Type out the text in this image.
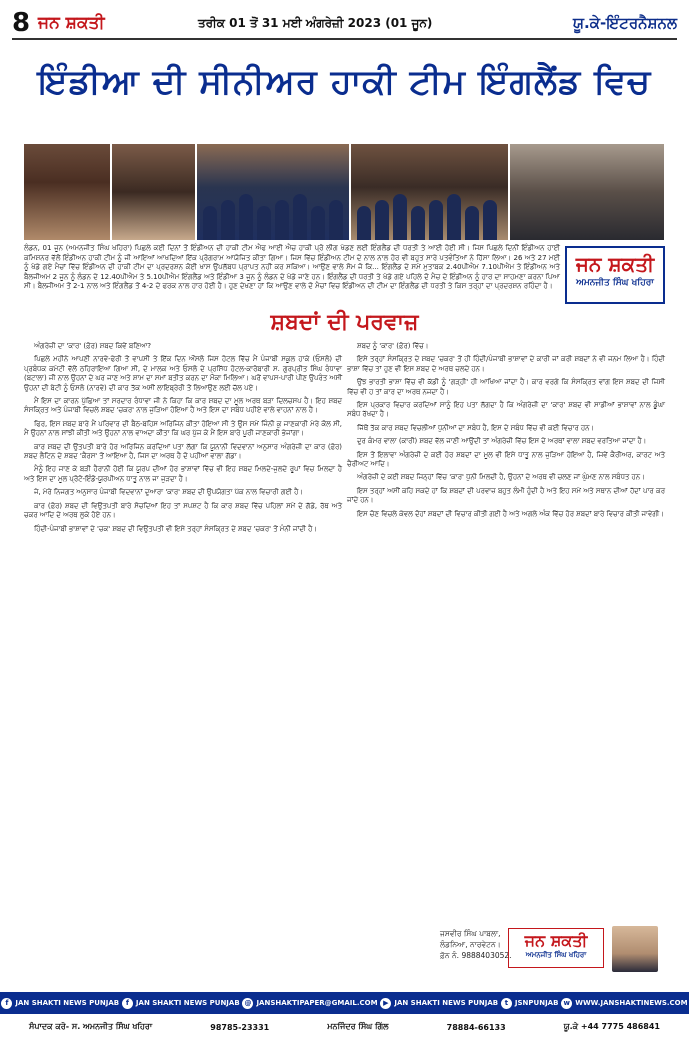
8 ਜਨ ਸ਼ਕਤੀ	ਤਰੀਕ 01 ਤੋਂ 31 ਮਈ ਅੰਗਰੇਜ਼ੀ 2023 (01 ਜੂਨ)	ਯੂ.ਕੇ-ਇੰਟਰਨੈਸ਼ਨਲ
ਇੰਡੀਆ ਦੀ ਸੀਨੀਅਰ ਹਾਕੀ ਟੀਮ ਇੰਗਲੈਂਡ ਵਿਚ
ਲੰਡਨ, 01 ਜੂਨ (ਅਮਨਜੀਤ ਸਿੰਘ ਖਹਿਰਾ) ਪਿਛਲੇ ਕਈ ਦਿਨਾਂ ਤੋਂ ਇੰਡੀਅਨ ਦੀ ਹਾਕੀ ਟੀਮ ਐਫ ਆਈ ਐਚ ਹਾਕੀ ਪ੍ਰੋ ਲੀਗ ਖੇਡਣ ਲਈ ਇੰਗਲੈਂਡ ਦੀ ਧਰਤੀ ਤੇ ਆਈ ਹੋਈ ਸੀ। ਜਿਸ ਪਿਛਲੇ ਦਿਨੀਂ ਇੰਡੀਅਨ ਹਾਈ ਕਮਿਸ਼ਨਰ ਵੱਲੋਂ ਇੰਡੀਅਨ ਹਾਕੀ ਟੀਮ ਨੂੰ ਜੀ ਆਇਆਂ ਆਖਦਿਆਂ ਇੱਕ ਪ੍ਰੋਗਰਾਮ ਆਯੋਜਿਤ ਕੀਤਾ ਗਿਆ। ਜਿਸ ਵਿੱਚ ਇੰਡੀਅਨ ਟੀਮ ਦੇ ਨਾਲ ਨਾਲ ਹੋਰ ਵੀ ਬਹੁਤ ਸਾਰੇ ਪਤਵੰਤਿਆਂ ਨੇ ਹਿੱਸਾ ਲਿਆ। 26 ਅਤੇ 27 ਮਈ ਨੂੰ ਖੇਡੇ ਗਏ ਮੈਚਾਂ ਵਿੱਚ ਇੰਡੀਅਨ ਦੀ ਹਾਕੀ ਟੀਮ ਦਾ ਪ੍ਰਦਰਸ਼ਨ ਕੋਈ ਖਾਸ ਉਪਲੱਬਧ ਪ੍ਰਾਪਤ ਨਹੀਂ ਕਰ ਸਕਿਆ। ਆਉਣ ਵਾਲੇ ਸੋਮ ਜੋ ਕਿ... ਇੰਗਲੈਂਡ ਦੇ ਸਮੇਂ ਮੁਤਾਬਕ 2.40ਪੀਐਮ 7.10ਪੀਐਮ ਤੇ ਇੰਡੀਅਨ ਅਤੇ ਬੈਲਜੀਅਮ 2 ਜੂਨ ਨੂੰ ਲੰਡਨ ਦੇ 12.40ਪੀਐਮ ਤੇ 5.10ਪੀਐਮ ਇੰਗਲੈਂਡ ਅਤੇ ਇੰਡੀਆ 3 ਜੂਨ ਨੂੰ ਲੰਡਨ ਦੇ ਖੇਡੇ ਜਾਣੇ ਹਨ। ਇੰਗਲੈਂਡ ਦੀ ਧਰਤੀ ਤੇ ਖੇਡੇ ਗਏ ਪਹਿਲੇ ਦੋ ਮੈਚ ਦੇ ਇੰਡੀਅਨ ਨੂੰ ਹਾਰ ਦਾ ਸਾਹਮਣਾ ਕਰਨਾ ਪਿਆ ਸੀ। ਬੈਲਜੀਅਮ ਤੋਂ 2-1 ਨਾਲ ਅਤੇ ਇੰਗਲੈਂਡ ਤੋਂ 4-2 ਦੇ ਫਰਕ ਨਾਲ ਹਾਰ ਹੋਈ ਹੈ। ਹੁਣ ਦੇਖਣਾ ਹਾਂ ਕਿ ਆਉਣ ਵਾਲੇ ਦੋ ਮੈਚਾਂ ਵਿਚ ਇੰਡੀਅਨ ਦੀ ਟੀਮ ਦਾ ਇੰਗਲੈਂਡ ਦੀ ਧਰਤੀ ਤੇ ਕਿਸ ਤਰ੍ਹਾਂ ਦਾ ਪ੍ਰਦਰਸ਼ਨ ਰਹਿੰਦਾ ਹੈ।
ਜਨ ਸ਼ਕਤੀ
ਅਮਨਜੀਤ ਸਿੰਘ ਖਹਿਰਾ
ਸ਼ਬਦਾਂ ਦੀ ਪਰਵਾਜ਼

ਅੰਗਰੇਜ਼ੀ ਦਾ 'ਕਾਰ' (ਫ਼ੋਰ) ਸ਼ਬਦ ਕਿਵੇਂ ਬਣਿਆ?

ਪਿਛਲੇ ਮਹੀਨੇ ਆਪਣੀ ਨਾਰਵੇ-ਫੇਰੀ ਤੋਂ ਵਾਪਸੀ ਤੇ ਇੱਕ ਦਿਨ ਔਸਲੋ ਜਿਸ ਹੋਟਲ ਵਿੱਚ ਮੈਂ ਪੰਜਾਬੀ ਸਕੂਲ ਹਾਕੇ (ਓਸਲੋ) ਦੀ ਪ੍ਰਬੰਧਕ ਕਮੇਟੀ ਵੱਲੋਂ ਠਹਿਰਾਇਆ ਗਿਆ ਸੀ, ਦੇ ਮਾਲਕ ਅਤੇ ਓਸਲੋ ਦੇ ਪ੍ਰਸਿੱਧ ਹੋਟਲ-ਕਾਰੋਬਾਰੀ ਸ. ਗੁਰਪ੍ਰੀਤ ਸਿੰਘ ਰੰਧਾਵਾ (ਬਟਾਲਾ) ਜੀ ਨਾਲ ਉਹਨਾਂ ਦੇ ਘਰ ਜਾਣ ਅਤੇ ਸ਼ਾਮ ਦਾ ਸਮਾਂ ਬਤੀਤ ਕਰਨ ਦਾ ਮੌਕਾ ਮਿਲਿਆ। ਘਰੋਂ ਵਾਪਸ-ਪਾਰੀ ਪੀਣ ਉਪਰੰਤ ਅਸੀਂ ਉਹਨਾਂ ਦੀ ਬੇਟੀ ਨੂੰ ਓਸਲੋ (ਨਾਰਵੇ) ਦੀ ਕਾਰ ਤੱਕ ਅਸੀਂ ਲਾਇਬ੍ਰੇਰੀ ਤੋਂ ਲਿਆਉਣ ਲਈ ਚੱਲ ਪਏ।

ਮੈਂ ਇਸ ਦਾ ਕਾਰਨ ਪੁੱਛਿਆ ਤਾਂ ਸਰਦਾਰ ਰੰਧਾਵਾ ਜੀ ਨੇ ਕਿਹਾ ਕਿ ਕਾਰ ਸ਼ਬਦ ਦਾ ਮੂਲ ਅਰਥ ਬੜਾ ਦਿਲਚਸਪ ਹੈ। ਇਹ ਸ਼ਬਦ ਸੰਸਕ੍ਰਿਤ ਅਤੇ ਪੰਜਾਬੀ ਵਿਚਲੇ ਸ਼ਬਦ 'ਚਕਰ' ਨਾਲ ਜੁੜਿਆ ਹੋਇਆ ਹੈ ਅਤੇ ਇਸ ਦਾ ਸਬੰਧ ਪਹੀਏ ਵਾਲੇ ਵਾਹਨਾਂ ਨਾਲ ਹੈ।

ਫਿਰ, ਇਸ ਸ਼ਬਦ ਬਾਰੇ ਮੈਂ ਪਰਿਵਾਰ ਦੀ ਬੈਠ-ਬਹਿਸ ਅਰਿਜਿਨ ਕੀਤਾ ਹੋਇਆ ਸੀ ਤੇ ਉਸ ਸਮੇਂ ਜਿੰਨੀ ਕੁ ਜਾਣਕਾਰੀ ਮੇਰੇ ਕੋਲ ਸੀ, ਮੈਂ ਉਹਨਾਂ ਨਾਲ ਸਾਂਝੀ ਕੀਤੀ ਅਤੇ ਉਹਨਾਂ ਨਾਲ ਵਾਅਦਾ ਕੀਤਾ ਕਿ ਘਰ ਪੁੱਜ ਕੇ ਮੈਂ ਇਸ ਬਾਰੇ ਪੂਰੀ ਜਾਣਕਾਰੀ ਭੇਜਾਂਗਾ।

ਕਾਰ ਸ਼ਬਦ ਦੀ ਉਤਪਤੀ ਬਾਰੇ ਹੋਰ ਅਰਿਜਿਨ ਕਰਦਿਆਂ ਪਤਾ ਲੱਗਾ ਕਿ ਯੂਨਾਨੀ ਵਿਦਵਾਨਾਂ ਅਨੁਸਾਰ ਅੰਗਰੇਜ਼ੀ ਦਾ ਕਾਰ (ਫ਼ੋਰ) ਸ਼ਬਦ ਲੈਟਿਨ ਦੇ ਸ਼ਬਦ 'ਕੈਰਸ' ਤੋਂ ਆਇਆ ਹੈ, ਜਿਸ ਦਾ ਅਰਥ ਹੈ ਦੋ ਪਹੀਆਂ ਵਾਲਾ ਗੱਡਾ।

ਮੈਨੂੰ ਇਹ ਜਾਣ ਕੇ ਬੜੀ ਹੈਰਾਨੀ ਹੋਈ ਕਿ ਯੂਰਪ ਦੀਆਂ ਹੋਰ ਭਾਸ਼ਾਵਾਂ ਵਿੱਚ ਵੀ ਇਹ ਸ਼ਬਦ ਮਿਲਦੇ-ਜੁਲਦੇ ਰੂਪਾਂ ਵਿਚ ਮਿਲਦਾ ਹੈ ਅਤੇ ਇਸ ਦਾ ਮੂਲ ਪ੍ਰੋਟੋ-ਇੰਡੋ-ਯੂਰਪੀਅਨ ਧਾਤੂ ਨਾਲ ਜਾ ਜੁੜਦਾ ਹੈ।

ਜੇ, ਮੇਰੇ ਨਿਜਗਤ ਅਨੁਸਾਰ ਪੰਜਾਬੀ ਵਿਦਵਾਨਾਂ ਦੁਆਰਾ 'ਕਾਰ' ਸ਼ਬਦ ਦੀ ਉਪਯੋਗਤਾ ਪੱਕ ਨਾਲ ਵਿਚਾਰੀ ਗਈ ਹੈ।

ਕਾਰ (ਫ਼ੋਰ) ਸ਼ਬਦ ਦੀ ਵਿਉਤਪਤੀ ਬਾਰੇ ਸੋਚਦਿਆਂ ਇਹ ਤਾਂ ਸਪਸ਼ਟ ਹੈ ਕਿ ਕਾਰ ਸ਼ਬਦ ਵਿੱਚ ਪਹਿਲਾਂ ਸਮੇਂ ਦੇ ਗੱਡੇ, ਰੱਥ ਅਤੇ ਚਕਰ ਆਦਿ ਦੇ ਅਰਥ ਲੁਕੇ ਹੋਏ ਹਨ।

ਹਿੰਦੀ-ਪੰਜਾਬੀ ਭਾਸ਼ਾਵਾਂ ਦੇ 'ਚਕ' ਸ਼ਬਦ ਦੀ ਵਿਉਤਪਤੀ ਵੀ ਇਸੇ ਤਰ੍ਹਾਂ ਸੰਸਕ੍ਰਿਤ ਦੇ ਸ਼ਬਦ 'ਚਕਰ' ਤੋਂ ਮੰਨੀ ਜਾਂਦੀ ਹੈ।

ਸ਼ਬਦ ਨੂੰ 'ਕਾਰ' (ਫ਼ੋਰ) ਵਿੱਚ।

ਇਸੇ ਤਰ੍ਹਾਂ ਸੰਸਕ੍ਰਿਤ ਦੇ ਸ਼ਬਦ 'ਚਕਰ' ਤੋਂ ਹੀ ਹਿੰਦੀ/ਪੰਜਾਬੀ ਭਾਸ਼ਾਵਾਂ ਦੇ ਕਾਰੀ ਜਾਂ ਕਰੀ ਸ਼ਬਦਾਂ ਨੇ ਵੀ ਜਨਮ ਲਿਆ ਹੈ। ਹਿੰਦੀ ਭਾਸ਼ਾ ਵਿੱਚ ਤਾਂ ਹੁਣ ਵੀ ਇਸ ਸ਼ਬਦ ਦੇ ਅਰਥ ਚਲਦੇ ਹਨ।

ਉਂਝ ਭਾਰਤੀ ਭਾਸ਼ਾ ਵਿੱਚ ਵੀ ਕੱਡੀ ਨੂੰ 'ਗੜ੍ਹੀ' ਹੀ ਆਖਿਆ ਜਾਂਦਾ ਹੈ। ਕਾਰ ਵਰਗੇ ਕਿ ਸੰਸਕ੍ਰਿਤ ਵਾਂਗ ਇਸ ਸ਼ਬਦ ਦੀ ਜਿਸੀ ਵਿੱਚ ਵੀ ਹ ਤਾਂ ਕਾਰ ਦਾ ਅਰਥ ਨਜਦਾ ਹੈ।

ਇਸ ਪ੍ਰਕਾਰ ਵਿਚਾਰ ਕਰਦਿਆਂ ਸਾਨੂੰ ਇਹ ਪਤਾ ਲੱਗਦਾ ਹੈ ਕਿ ਅੰਗਰੇਜ਼ੀ ਦਾ 'ਕਾਰ' ਸ਼ਬਦ ਵੀ ਸਾਡੀਆਂ ਭਾਸ਼ਾਵਾਂ ਨਾਲ ਡੂੰਘਾ ਸਬੰਧ ਰੱਖਦਾ ਹੈ।

ਜਿੱਥੋਂ ਤੱਕ ਕਾਰ ਸ਼ਬਦ ਵਿਚਲੀਆਂ ਧੁਨੀਆਂ ਦਾ ਸਬੰਧ ਹੈ, ਇਸ ਦੇ ਸਬੰਧ ਵਿੱਚ ਵੀ ਕਈ ਵਿਚਾਰ ਹਨ।

ਦੁਰ ਕੰਮਰ ਵਾਲਾ (ਕਾਰੀ) ਸ਼ਬਦ ਵੱਲ ਜਾਣੀ ਆਉਂਦੀ ਤਾਂ ਅੰਗਰੇਜ਼ੀ ਵਿੱਚ ਇਸ ਦੇ ਅਰਥਾਂ ਵਾਲਾ ਸ਼ਬਦ ਵਰਤਿਆ ਜਾਂਦਾ ਹੈ।

ਇਸ ਤੋਂ ਇਲਾਵਾ ਅੰਗਰੇਜ਼ੀ ਦੇ ਕਈ ਹੋਰ ਸ਼ਬਦਾਂ ਦਾ ਮੂਲ ਵੀ ਇਸੇ ਧਾਤੂ ਨਾਲ ਜੁੜਿਆ ਹੋਇਆ ਹੈ, ਜਿਵੇਂ ਕੈਰੀਅਰ, ਕਾਰਟ ਅਤੇ ਚੈਰੀਅਟ ਆਦਿ।

ਅੰਗਰੇਜ਼ੀ ਦੇ ਕਈ ਸ਼ਬਦ ਜਿਨ੍ਹਾਂ ਵਿੱਚ 'ਕਾਰ' ਧੁਨੀ ਮਿਲਦੀ ਹੈ, ਉਹਨਾਂ ਦੇ ਅਰਥ ਵੀ ਚਲਣ ਜਾਂ ਘੁੰਮਣ ਨਾਲ ਸਬੰਧਤ ਹਨ।

ਇਸ ਤਰ੍ਹਾਂ ਅਸੀਂ ਕਹਿ ਸਕਦੇ ਹਾਂ ਕਿ ਸ਼ਬਦਾਂ ਦੀ ਪਰਵਾਜ਼ ਬਹੁਤ ਲੰਮੀ ਹੁੰਦੀ ਹੈ ਅਤੇ ਇਹ ਸਮੇਂ ਅਤੇ ਸਥਾਨ ਦੀਆਂ ਹੱਦਾਂ ਪਾਰ ਕਰ ਜਾਂਦੇ ਹਨ।

ਇਸ ਚੋਣ ਵਿਚਲੇ ਕੇਵਲ ਦੋਹਾਂ ਸ਼ਬਦਾਂ ਦੀ ਵਿਚਾਰ ਕੀਤੀ ਗਈ ਹੈ ਅਤੇ ਅਗਲੇ ਅੰਕ ਵਿੱਚ ਹੋਰ ਸ਼ਬਦਾਂ ਬਾਰੇ ਵਿਚਾਰ ਕੀਤੀ ਜਾਵੇਗੀ।

ਜਸਵੀਰ ਸਿੰਘ ਪਾਬਲਾ,
ਲੰਡਨਿਆ, ਨਾਰਵੇਟਨ।
ਫ਼ੋਨ ਨੰ. 9888403052.
ਜਨ ਸ਼ਕਤੀ
ਅਮਨਜੀਤ ਸਿੰਘ ਖਹਿਰਾ
f JAN SHAKTI NEWS PUNJAB f JAN SHAKTI NEWS PUNJAB @ JANSHAKTIPAPER@GMAIL.COM ▶ JAN SHAKTI NEWS PUNJAB t JSNPUNJAB w WWW.JANSHAKTINEWS.COM
ਸੰਪਾਦਕ ਕਰੋ- ਸ. ਅਮਨਜੀਤ ਸਿੰਘ ਖਹਿਰਾ	98785-23331	ਮਨਜਿੰਦਰ ਸਿੰਘ ਗਿੱਲ	78884-66133	ਯੂ.ਕੇ +44 7775 486841
